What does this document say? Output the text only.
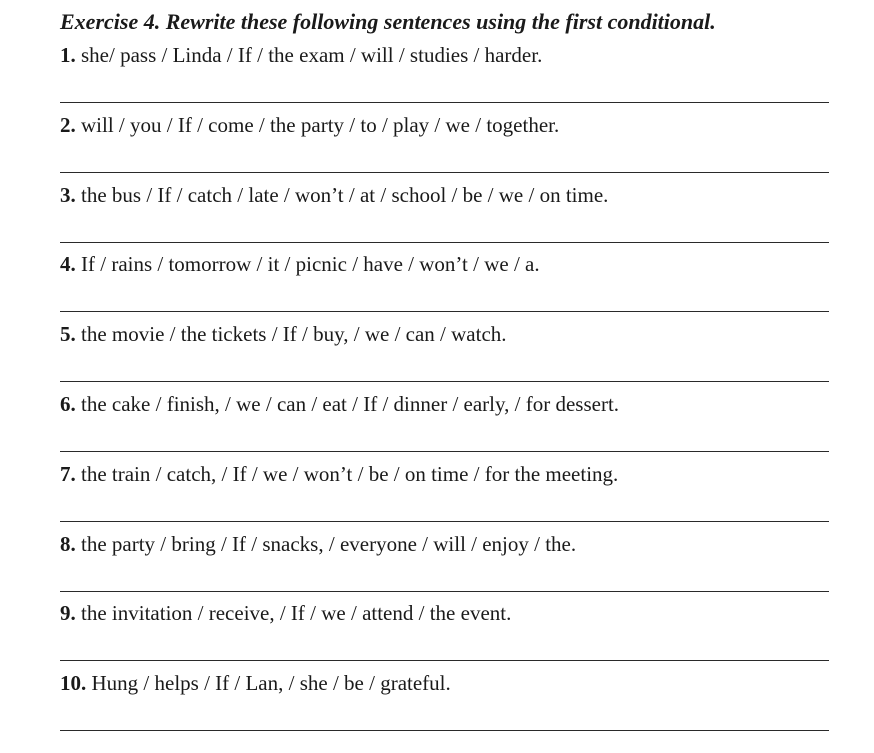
Exercise 4. Rewrite these following sentences using the first conditional.
1. she/ pass / Linda / If / the exam / will / studies / harder.
2. will / you / If / come / the party / to / play / we / together.
3. the bus / If / catch / late / won’t / at / school / be / we / on time.
4. If / rains / tomorrow / it / picnic / have / won’t / we / a.
5. the movie / the tickets / If / buy, / we / can / watch.
6. the cake / finish, / we / can / eat / If / dinner / early, / for dessert.
7. the train / catch, / If / we / won’t / be / on time / for the meeting.
8. the party / bring / If / snacks, / everyone / will / enjoy / the.
9. the invitation / receive, / If / we / attend / the event.
10. Hung / helps / If / Lan, / she / be / grateful.
